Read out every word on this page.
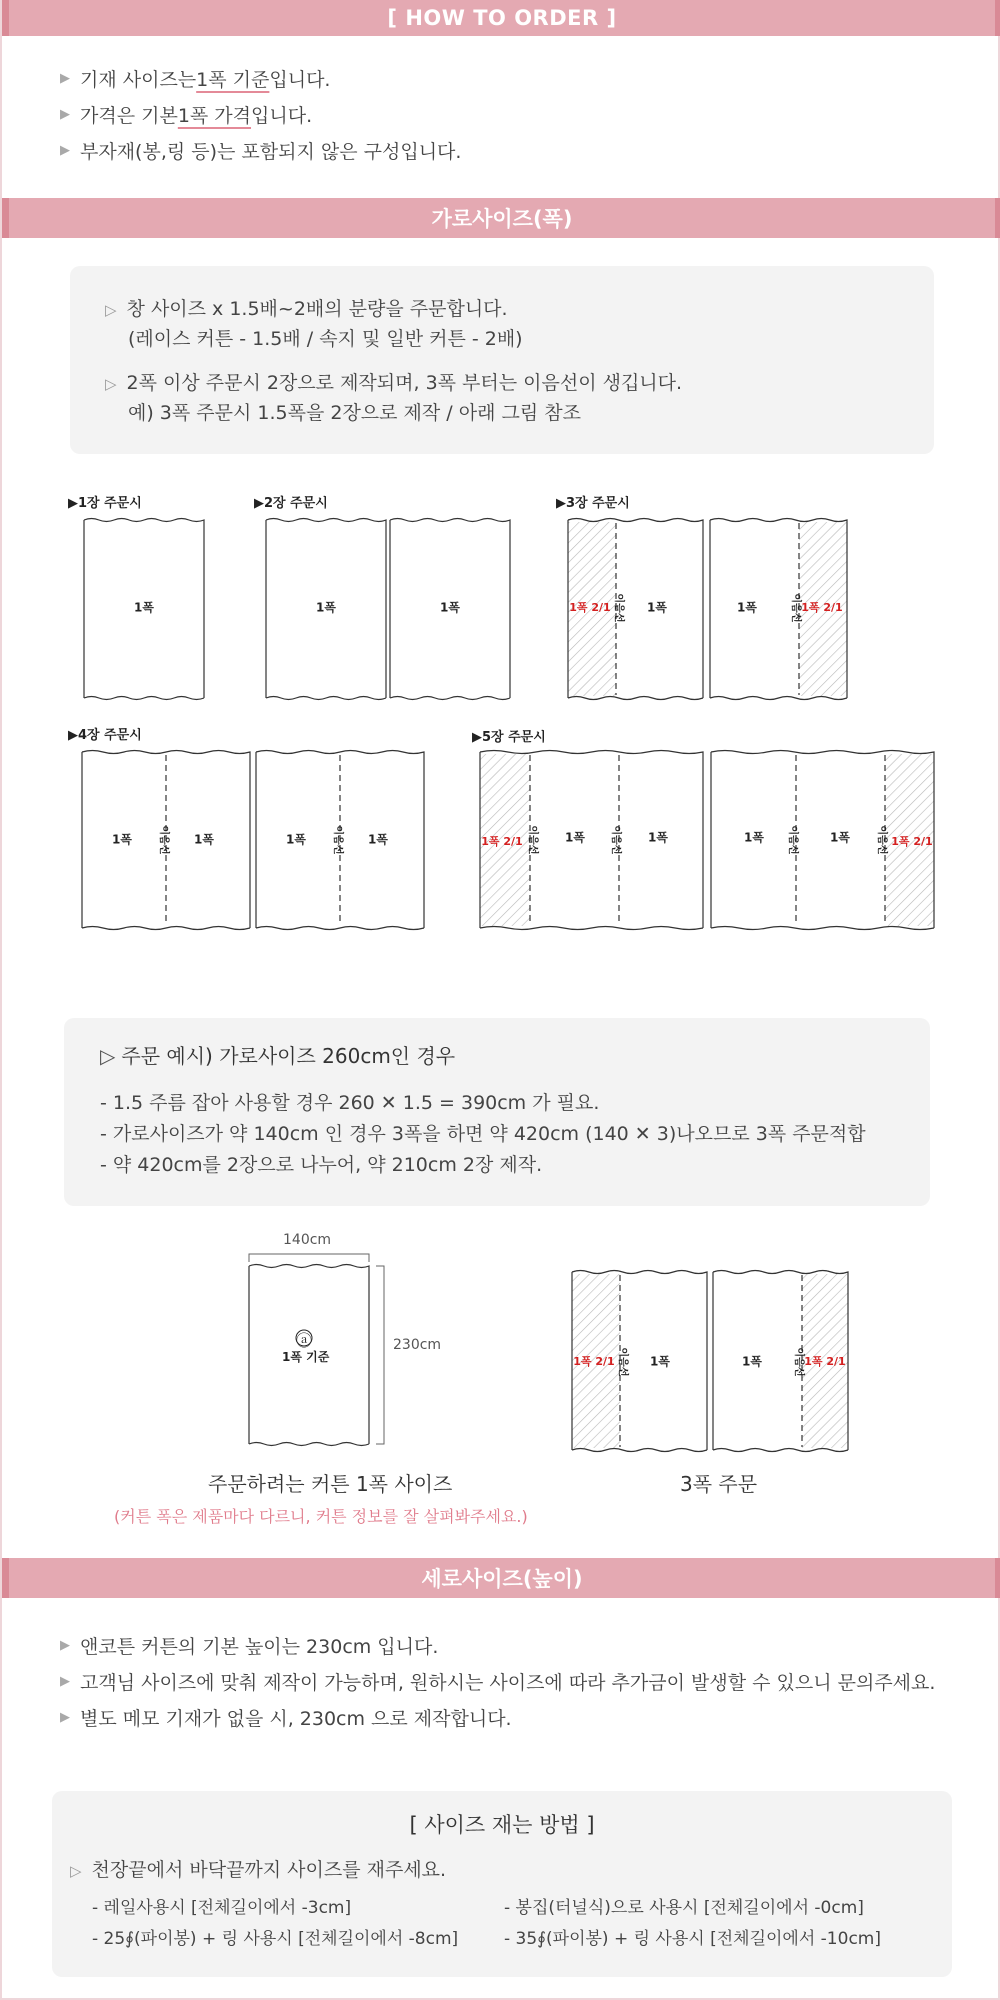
[ HOW TO ORDER ]
▶ 기재 사이즈는 1폭 기준 입니다.
▶ 가격은 기본 1폭 가격 입니다.
▶ 부자재(봉,링 등)는 포함되지 않은 구성입니다.
가로사이즈(폭)
▷ 창 사이즈 x 1.5배~2배의 분량을 주문합니다.
(레이스 커튼 - 1.5배 / 속지 및 일반 커튼 - 2배)
▷ 2폭 이상 주문시 2장으로 제작되며, 3폭 부터는 이음선이 생깁니다.
예) 3폭 주문시 1.5폭을 2장으로 제작 / 아래 그림 참조
▶1장 주문시	▶2장 주문시	▶3장 주문시
▶4장 주문시	▶5장 주문시
1폭	1폭	1폭	1폭 2/1 이음선 1폭	1폭	이음선 1폭 2/1
1폭	이음선 1폭	1폭	이음선 1폭	1폭 2/1 이음선 1폭	이음선 1폭	1폭 이음선	1폭	이음선 1폭 2/1
1폭 2/1 이음선 1폭	1폭	이음선 1폭 2/1
▷ 주문 예시) 가로사이즈 260cm인 경우
- 1.5 주름 잡아 사용할 경우 260 ✕ 1.5 = 390cm 가 필요.
- 가로사이즈가 약 140cm 인 경우 3폭을 하면 약 420cm (140 ✕ 3)나오므로 3폭 주문적합
- 약 420cm를 2장으로 나누어, 약 210cm 2장 제작.
140cm
230cm
ⓐ
1폭 기준
주문하려는 커튼 1폭 사이즈	3폭 주문
(커튼 폭은 제품마다 다르니, 커튼 정보를 잘 살펴봐주세요.)
세로사이즈(높이)
▶ 앤코튼 커튼의 기본 높이는 230cm 입니다.
▶ 고객님 사이즈에 맞춰 제작이 가능하며, 원하시는 사이즈에 따라 추가금이 발생할 수 있으니 문의주세요.
▶ 별도 메모 기재가 없을 시, 230cm 으로 제작합니다.
[ 사이즈 재는 방법 ]
▷ 천장끝에서 바닥끝까지 사이즈를 재주세요.
- 레일사용시 [전체길이에서 -3cm]	- 봉집(터널식)으로 사용시 [전체길이에서 -0cm]
- 25∮(파이봉) + 링 사용시 [전체길이에서 -8cm]	- 35∮(파이봉) + 링 사용시 [전체길이에서 -10cm]
